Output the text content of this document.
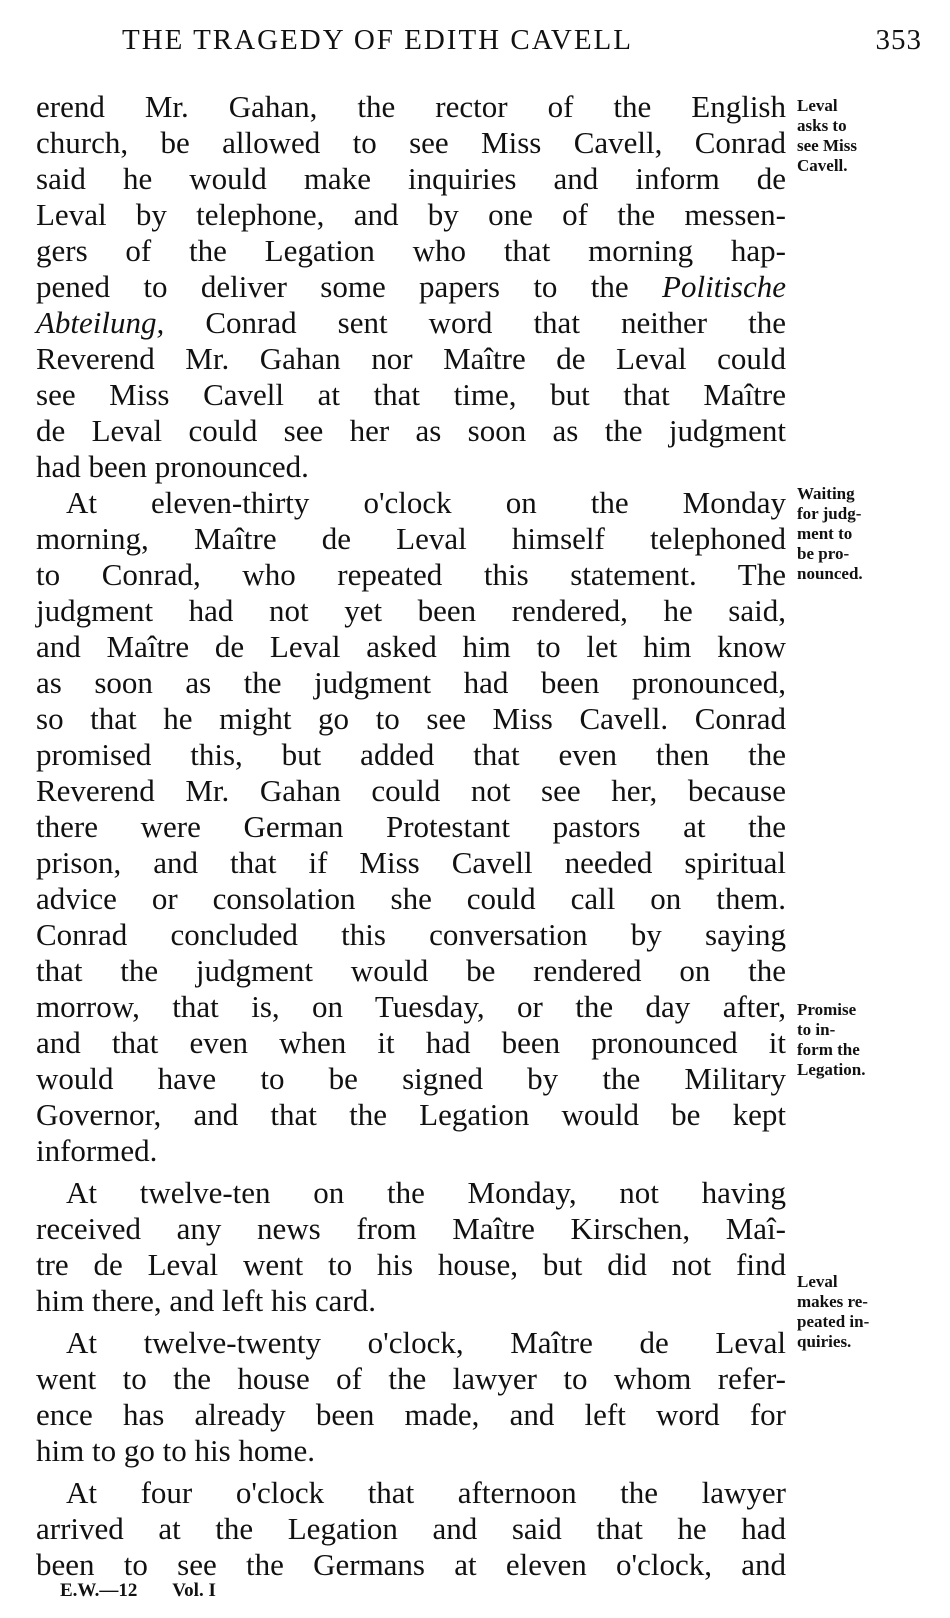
THE TRAGEDY OF EDITH CAVELL	353
erend Mr. Gahan, the rector of the English
church, be allowed to see Miss Cavell, Conrad
said he would make inquiries and inform de
Leval by telephone, and by one of the messen-
gers of the Legation who that morning hap-
pened to deliver some papers to the Politische
Abteilung, Conrad sent word that neither the
Reverend Mr. Gahan nor Maître de Leval could
see Miss Cavell at that time, but that Maître
de Leval could see her as soon as the judgment
had been pronounced.
At eleven-thirty o'clock on the Monday
morning, Maître de Leval himself telephoned
to Conrad, who repeated this statement. The
judgment had not yet been rendered, he said,
and Maître de Leval asked him to let him know
as soon as the judgment had been pronounced,
so that he might go to see Miss Cavell. Conrad
promised this, but added that even then the
Reverend Mr. Gahan could not see her, because
there were German Protestant pastors at the
prison, and that if Miss Cavell needed spiritual
advice or consolation she could call on them.
Conrad concluded this conversation by saying
that the judgment would be rendered on the
morrow, that is, on Tuesday, or the day after,
and that even when it had been pronounced it
would have to be signed by the Military
Governor, and that the Legation would be kept
informed.
At twelve-ten on the Monday, not having
received any news from Maître Kirschen, Maî-
tre de Leval went to his house, but did not find
him there, and left his card.
At twelve-twenty o'clock, Maître de Leval
went to the house of the lawyer to whom refer-
ence has already been made, and left word for
him to go to his home.
At four o'clock that afternoon the lawyer
arrived at the Legation and said that he had
been to see the Germans at eleven o'clock, and
Leval
asks to
see Miss
Cavell.
Waiting
for judg-
ment to
be pro-
nounced.
Promise
to in-
form the
Legation.
Leval
makes re-
peated in-
quiries.
E.W.—12 Vol. I
